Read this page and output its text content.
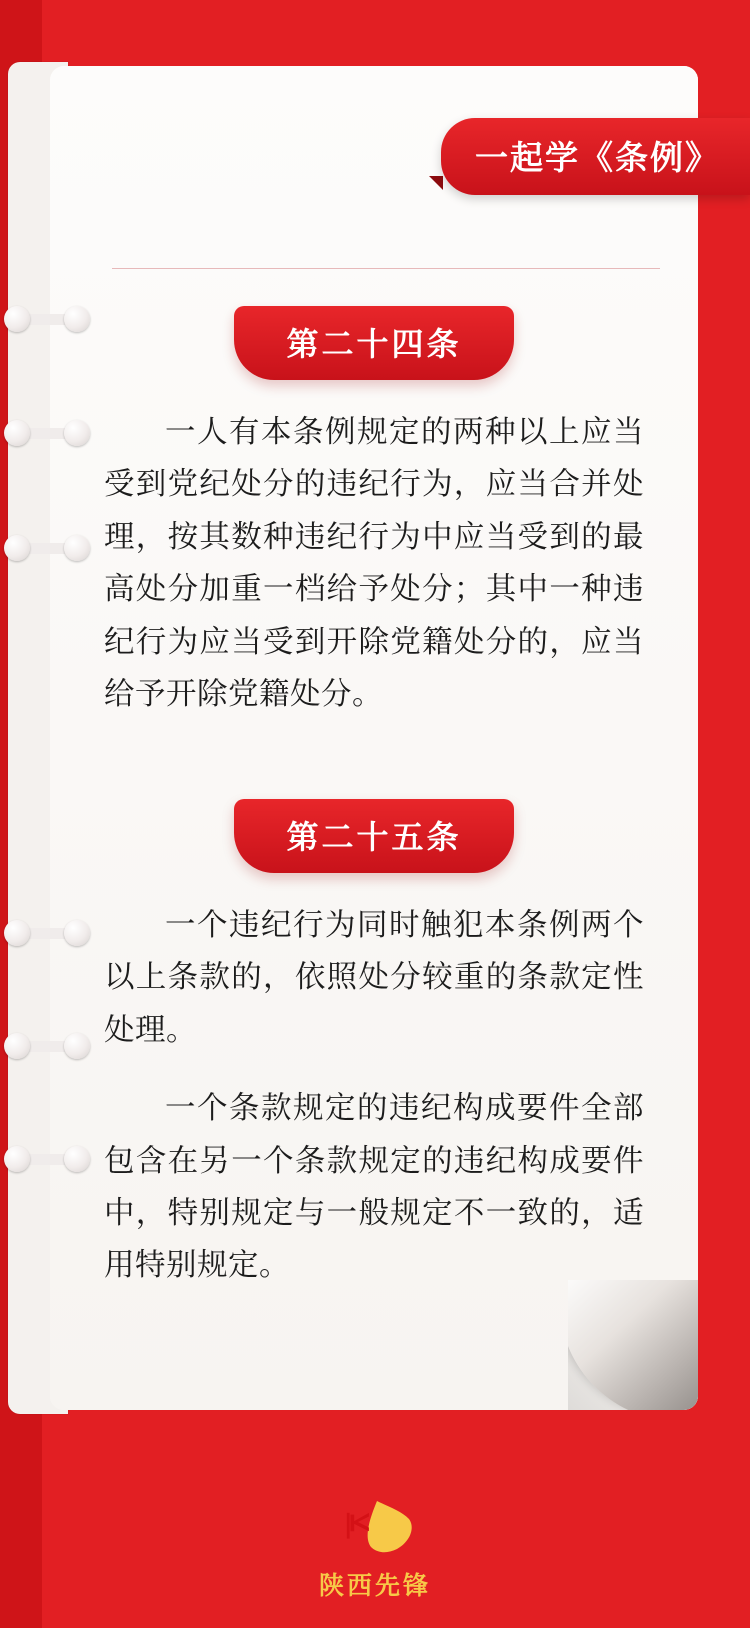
第二十四条

一人有本条例规定的两种以上应当受到党纪处分的违纪行为，应当合并处理，按其数种违纪行为中应当受到的最高处分加重一档给予处分；其中一种违纪行为应当受到开除党籍处分的，应当给予开除党籍处分。

第二十五条

一个违纪行为同时触犯本条例两个以上条款的，依照处分较重的条款定性处理。

一个条款规定的违纪构成要件全部包含在另一个条款规定的违纪构成要件中，特别规定与一般规定不一致的，适用特别规定。

一起学《条例》
陕西先锋
